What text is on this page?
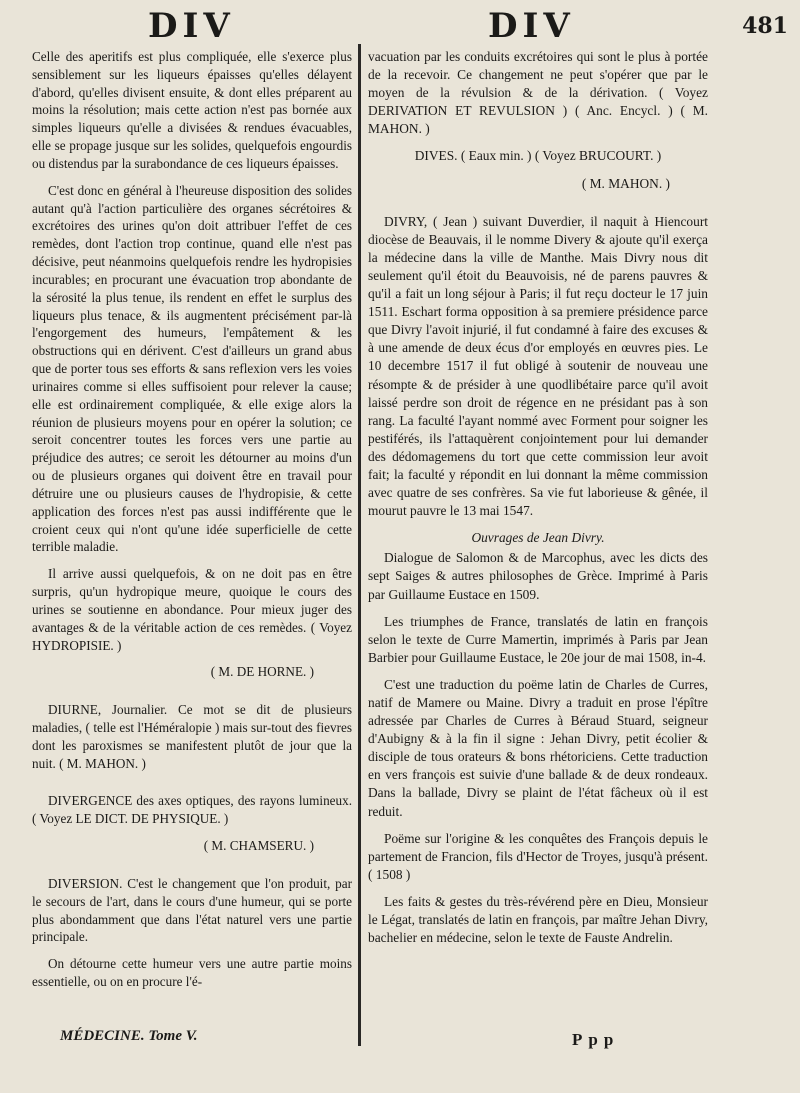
DIV	DIV	481

Celle des aperitifs est plus compliquée, elle s'exerce plus sensiblement sur les liqueurs épaisses qu'elles délayent d'abord, qu'elles divisent ensuite, & dont elles préparent au moins la résolution; mais cette action n'est pas bornée aux simples liqueurs qu'elle a divisées & rendues évacuables, elle se propage jusque sur les solides, quelquefois engourdis ou distendus par la surabondance de ces liqueurs épaisses.

C'est donc en général à l'heureuse disposition des solides autant qu'à l'action particulière des organes sécrétoires & excrétoires des urines qu'on doit attribuer l'effet de ces remèdes, dont l'action trop continue, quand elle n'est pas décisive, peut néanmoins quelquefois rendre les hydropisies incurables; en procurant une évacuation trop abondante de la sérosité la plus tenue, ils rendent en effet le surplus des liqueurs plus tenace, & ils augmentent précisément par-là l'engorgement des humeurs, l'empâtement & les obstructions qui en dérivent. C'est d'ailleurs un grand abus que de porter tous ses efforts & sans reflexion vers les voies urinaires comme si elles suffisoient pour relever la cause; elle est ordinairement compliquée, & elle exige alors la réunion de plusieurs moyens pour en opérer la solution; ce seroit concentrer toutes les forces vers une partie au préjudice des autres; ce seroit les détourner au moins d'un ou de plusieurs organes qui doivent être en travail pour détruire une ou plusieurs causes de l'hydropisie, & cette application des forces n'est pas aussi indifférente que le croient ceux qui n'ont qu'une idée superficielle de cette terrible maladie.

Il arrive aussi quelquefois, & on ne doit pas en être surpris, qu'un hydropique meure, quoique le cours des urines se soutienne en abondance. Pour mieux juger des avantages & de la véritable action de ces remèdes. ( Voyez HYDROPISIE. )

( M. DE HORNE. )

DIURNE, Journalier. Ce mot se dit de plusieurs maladies, ( telle est l'Héméralopie ) mais sur-tout des fievres dont les paroxismes se manifestent plutôt de jour que la nuit. ( M. MAHON. )

DIVERGENCE des axes optiques, des rayons lumineux. ( Voyez LE DICT. DE PHYSIQUE. )

( M. CHAMSERU. )

DIVERSION. C'est le changement que l'on produit, par le secours de l'art, dans le cours d'une humeur, qui se porte plus abondamment que dans l'état naturel vers une partie principale.

On détourne cette humeur vers une autre partie moins essentielle, ou on en procure l'é-

vacuation par les conduits excrétoires qui sont le plus à portée de la recevoir. Ce changement ne peut s'opérer que par le moyen de la révulsion & de la dérivation. ( Voyez DERIVATION ET REVULSION ) ( Anc. Encycl. ) ( M. MAHON. )

DIVES. ( Eaux min. ) ( Voyez BRUCOURT. )

( M. MAHON. )

DIVRY, ( Jean ) suivant Duverdier, il naquit à Hiencourt diocèse de Beauvais, il le nomme Divery & ajoute qu'il exerça la médecine dans la ville de Manthe. Mais Divry nous dit seulement qu'il étoit du Beauvoisis, né de parens pauvres & qu'il a fait un long séjour à Paris; il fut reçu docteur le 17 juin 1511. Eschart forma opposition à sa premiere présidence parce que Divry l'avoit injurié, il fut condamné à faire des excuses & à une amende de deux écus d'or employés en œuvres pies. Le 10 decembre 1517 il fut obligé à soutenir de nouveau une résompte & de présider à une quodlibétaire parce qu'il avoit laissé perdre son droit de régence en ne présidant pas à son rang. La faculté l'ayant nommé avec Forment pour soigner les pestiférés, ils l'attaquèrent conjointement pour lui demander des dédomagemens du tort que cette commission leur avoit fait; la faculté y répondit en lui donnant la même commission avec quatre de ses confrères. Sa vie fut laborieuse & gênée, il mourut pauvre le 13 mai 1547.

Ouvrages de Jean Divry.

Dialogue de Salomon & de Marcophus, avec les dicts des sept Saiges & autres philosophes de Grèce. Imprimé à Paris par Guillaume Eustace en 1509.

Les triumphes de France, translatés de latin en françois selon le texte de Curre Mamertin, imprimés à Paris par Jean Barbier pour Guillaume Eustace, le 20e jour de mai 1508, in-4.

C'est une traduction du poëme latin de Charles de Curres, natif de Mamere ou Maine. Divry a traduit en prose l'épître adressée par Charles de Curres à Béraud Stuard, seigneur d'Aubigny & à la fin il signe : Jehan Divry, petit écolier & disciple de tous orateurs & bons rhétoriciens. Cette traduction en vers françois est suivie d'une ballade & de deux rondeaux. Dans la ballade, Divry se plaint de l'état fâcheux où il est reduit.

Poëme sur l'origine & les conquêtes des François depuis le partement de Francion, fils d'Hector de Troyes, jusqu'à présent. ( 1508 )

Les faits & gestes du très-révérend père en Dieu, Monsieur le Légat, translatés de latin en françois, par maître Jehan Divry, bachelier en médecine, selon le texte de Fauste Andrelin.

MÉDECINE. Tome V.	Ppp
